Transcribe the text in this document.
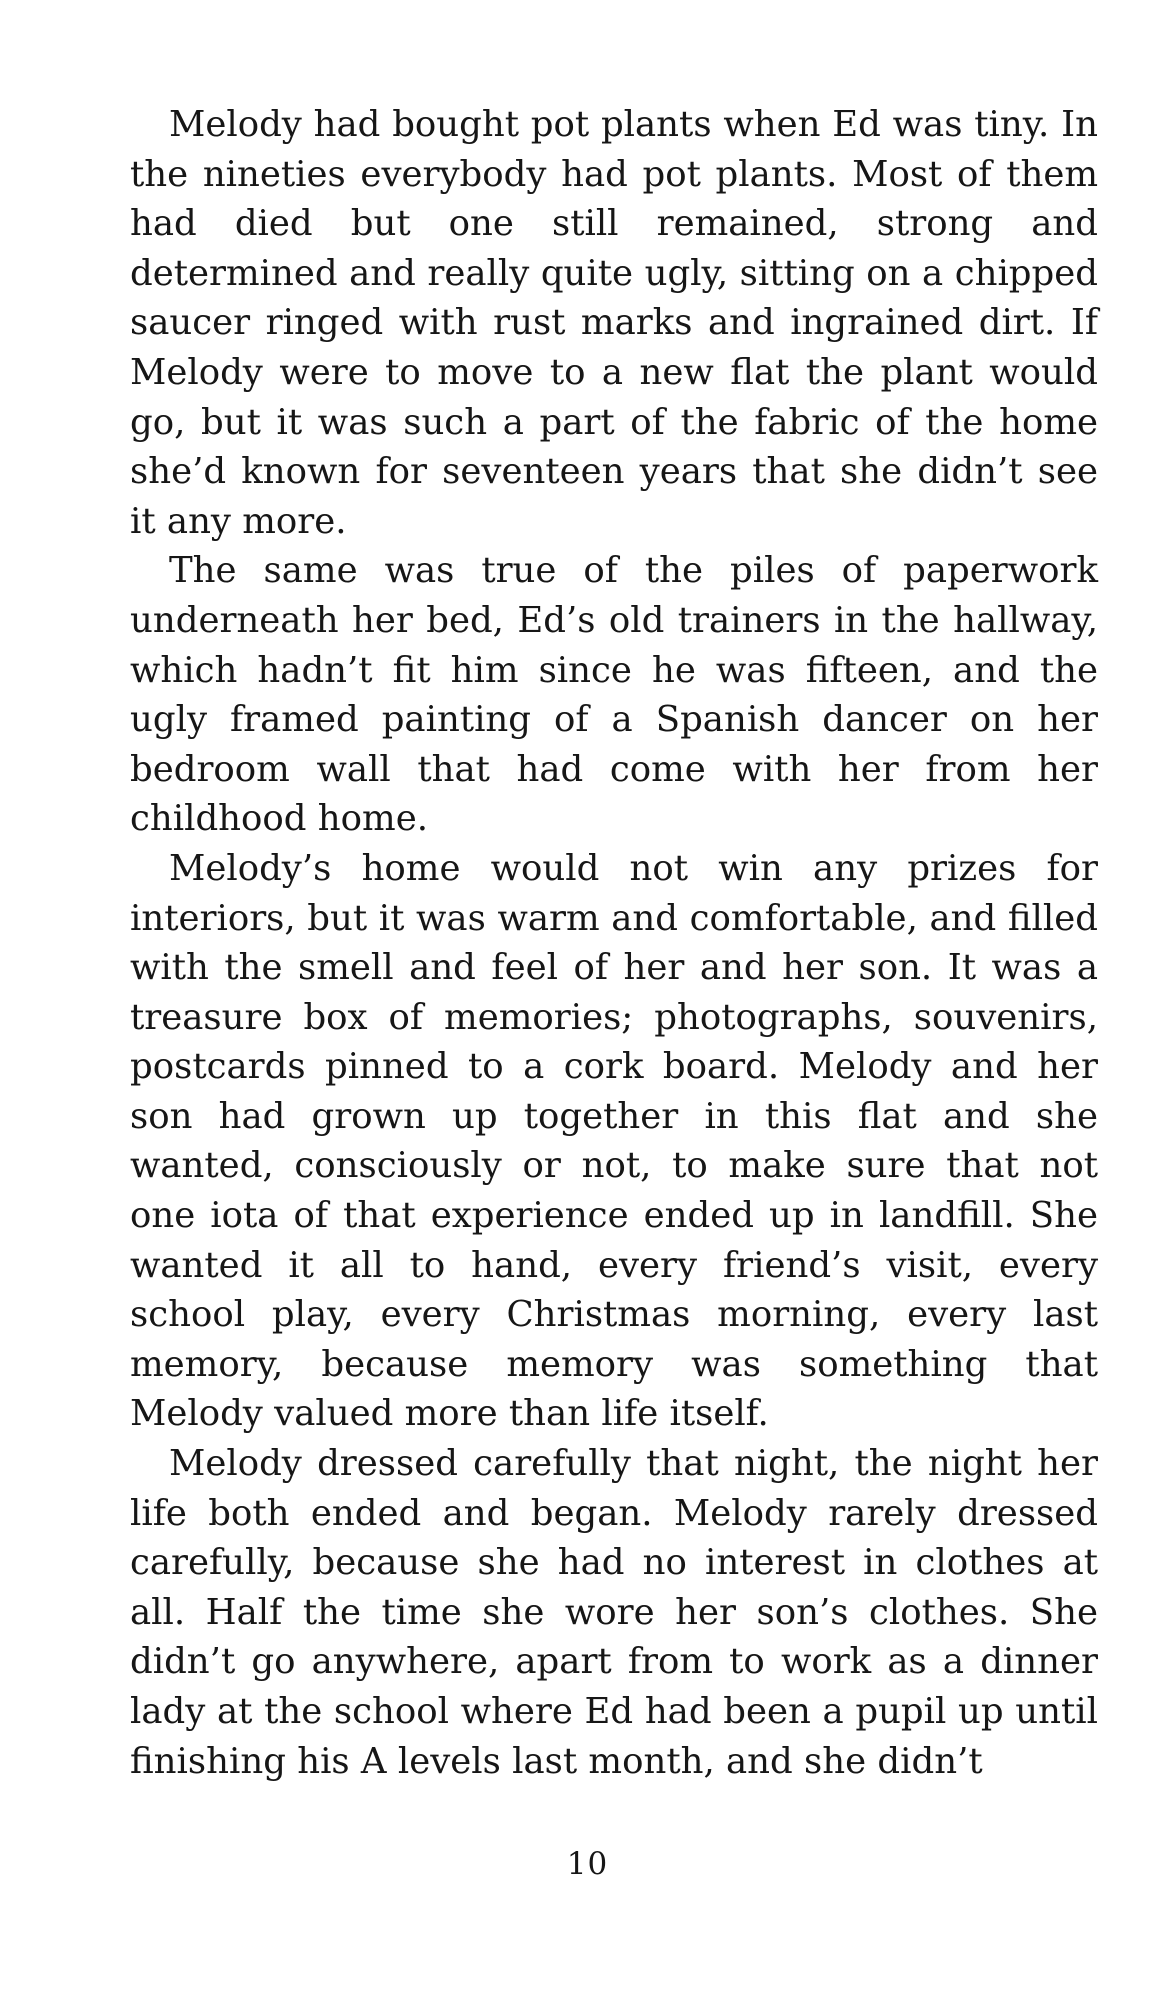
Melody had bought pot plants when Ed was tiny. In the nineties everybody had pot plants. Most of them had died but one still remained, strong and determined and really quite ugly, sitting on a chipped saucer ringed with rust marks and ingrained dirt. If Melody were to move to a new flat the plant would go, but it was such a part of the fabric of the home she’d known for seventeen years that she didn’t see it any more.

The same was true of the piles of paperwork underneath her bed, Ed’s old trainers in the hallway, which hadn’t fit him since he was fifteen, and the ugly framed painting of a Spanish dancer on her bedroom wall that had come with her from her childhood home.

Melody’s home would not win any prizes for interiors, but it was warm and comfortable, and filled with the smell and feel of her and her son. It was a treasure box of memories; photographs, souvenirs, postcards pinned to a cork board. Melody and her son had grown up together in this flat and she wanted, consciously or not, to make sure that not one iota of that experience ended up in landfill. She wanted it all to hand, every friend’s visit, every school play, every Christmas morning, every last memory, because memory was something that Melody valued more than life itself.

Melody dressed carefully that night, the night her life both ended and began. Melody rarely dressed carefully, because she had no interest in clothes at all. Half the time she wore her son’s clothes. She didn’t go anywhere, apart from to work as a dinner lady at the school where Ed had been a pupil up until finishing his A levels last month, and she didn’t

10
